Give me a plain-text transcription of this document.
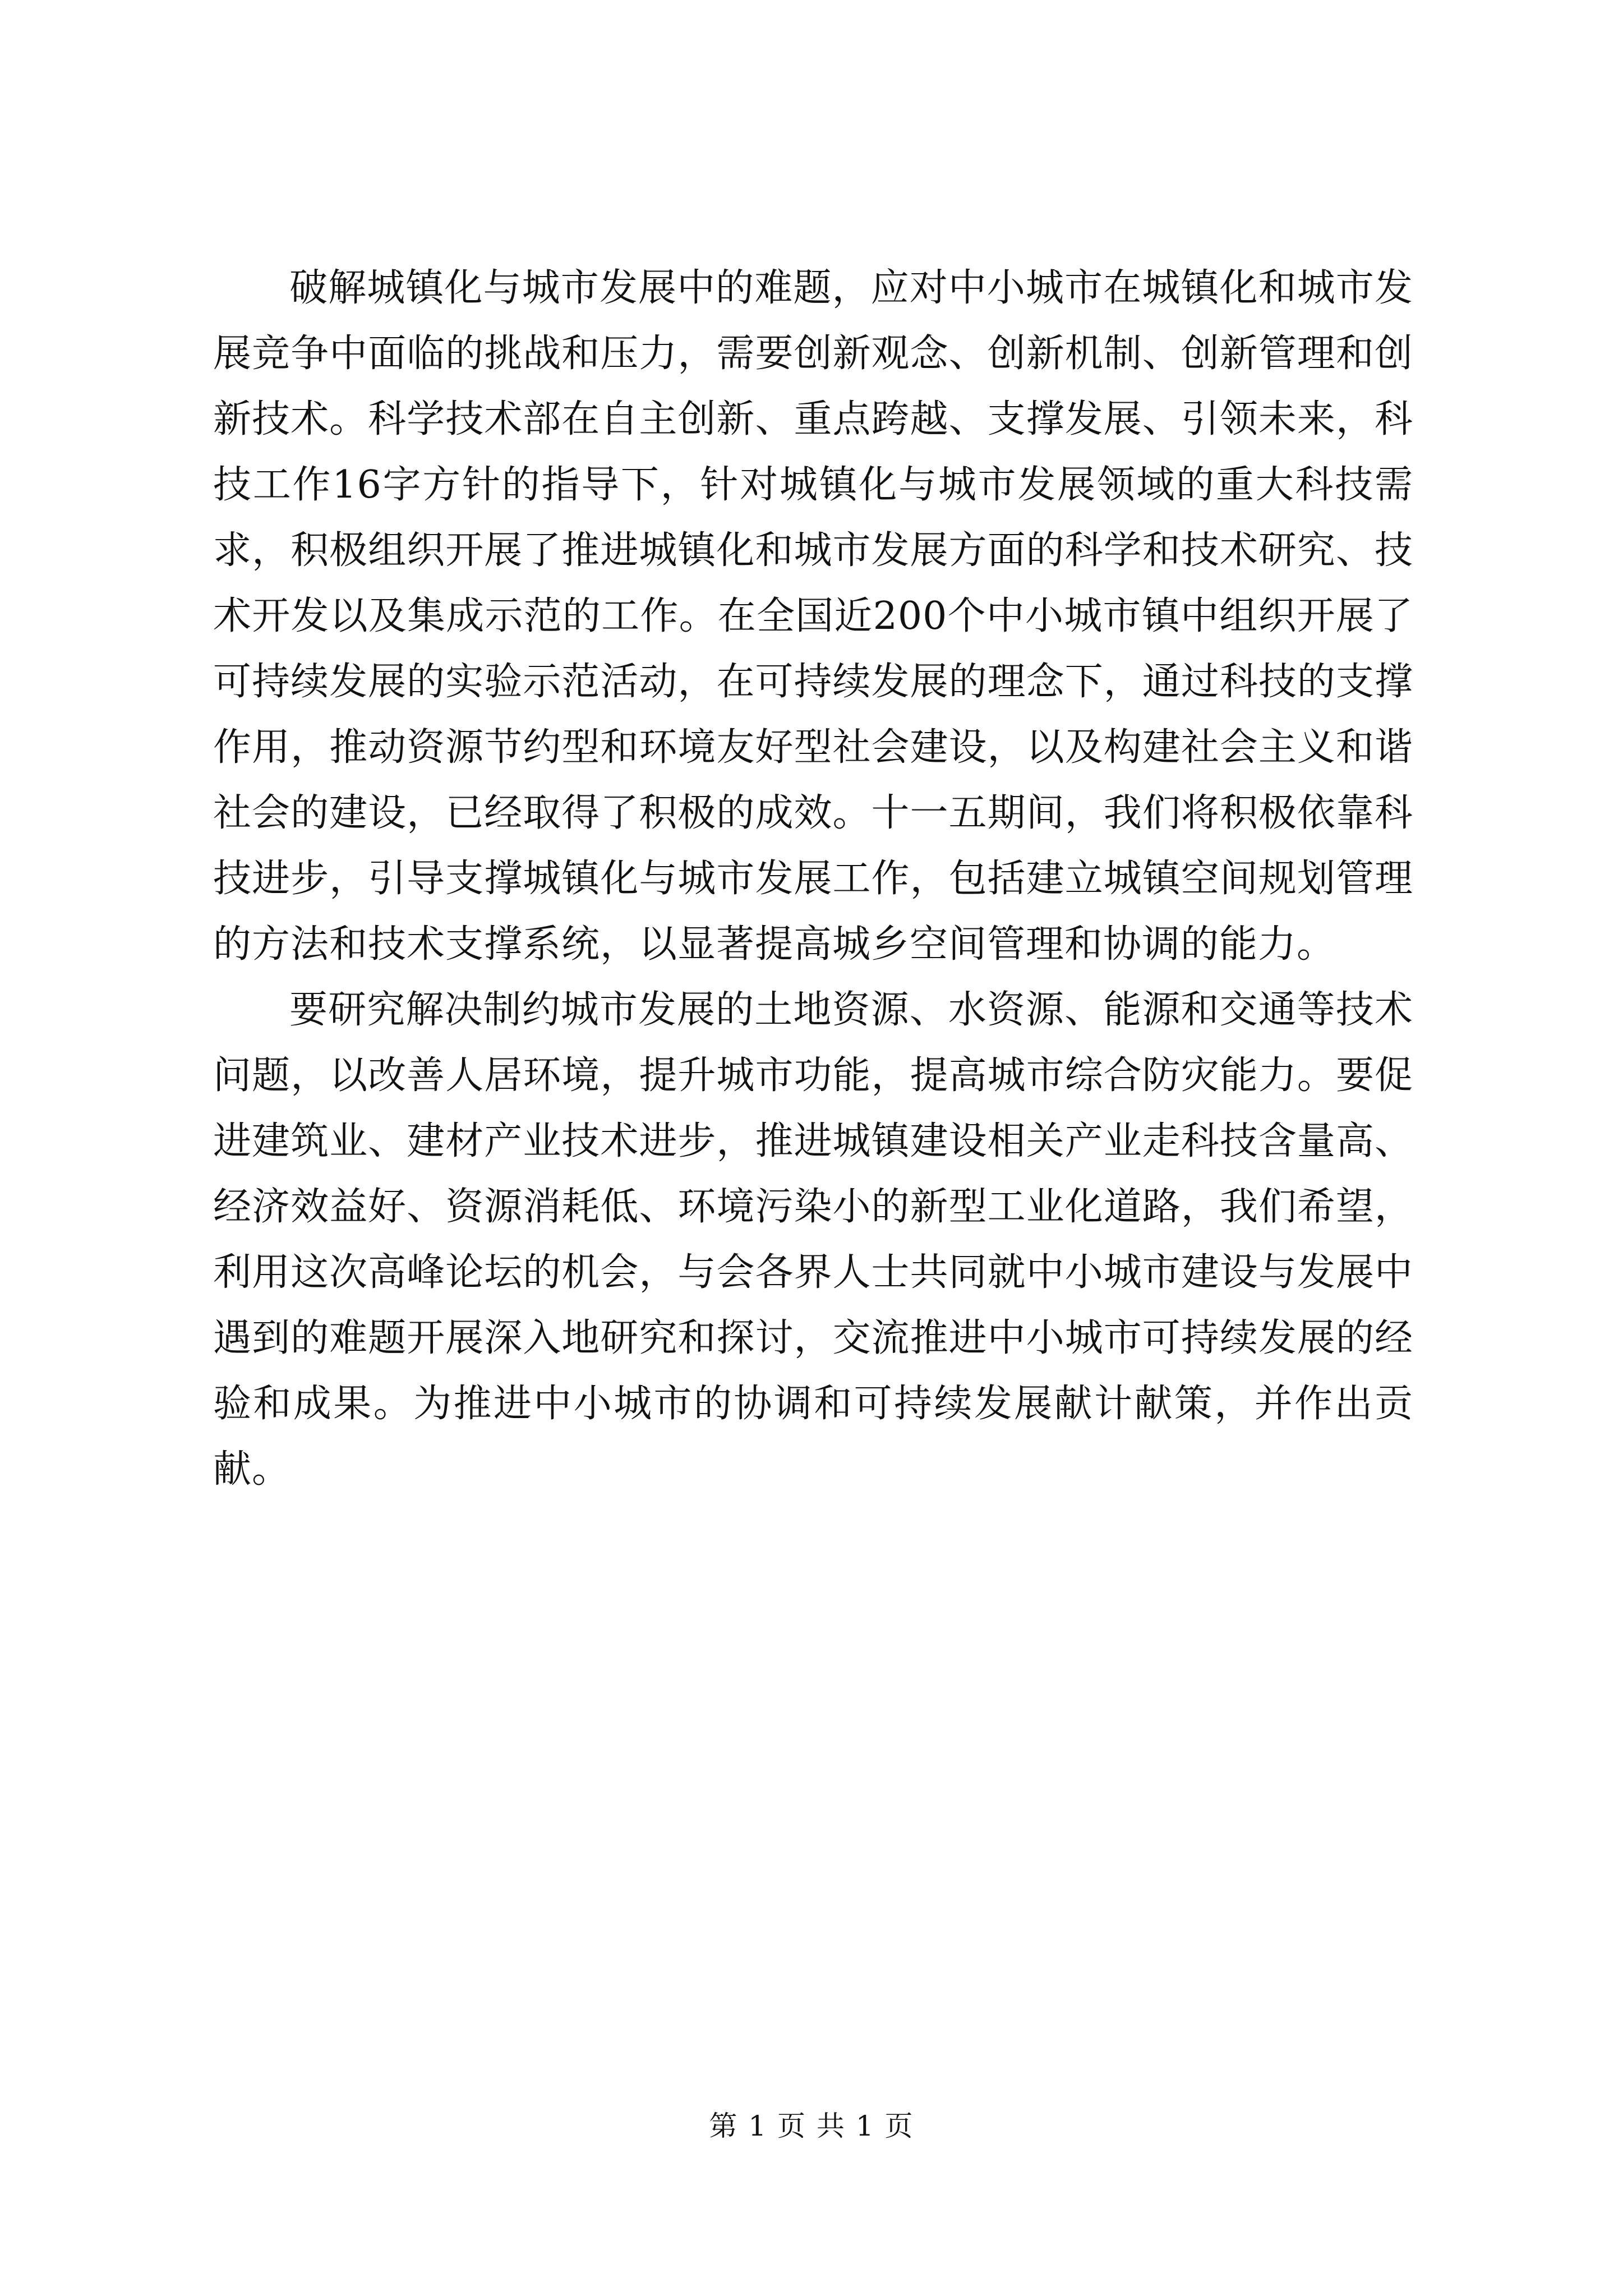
破解城镇化与城市发展中的难题，应对中小城市在城镇化和城市发展竞争中面临的挑战和压力，需要创新观念、创新机制、创新管理和创新技术。科学技术部在自主创新、重点跨越、支撑发展、引领未来，科技工作16字方针的指导下，针对城镇化与城市发展领域的重大科技需求，积极组织开展了推进城镇化和城市发展方面的科学和技术研究、技术开发以及集成示范的工作。在全国近200个中小城市镇中组织开展了可持续发展的实验示范活动，在可持续发展的理念下，通过科技的支撑作用，推动资源节约型和环境友好型社会建设，以及构建社会主义和谐社会的建设，已经取得了积极的成效。十一五期间，我们将积极依靠科技进步，引导支撑城镇化与城市发展工作，包括建立城镇空间规划管理的方法和技术支撑系统，以显著提高城乡空间管理和协调的能力。

要研究解决制约城市发展的土地资源、水资源、能源和交通等技术问题，以改善人居环境，提升城市功能，提高城市综合防灾能力。要促进建筑业、建材产业技术进步，推进城镇建设相关产业走科技含量高、经济效益好、资源消耗低、环境污染小的新型工业化道路，我们希望，利用这次高峰论坛的机会，与会各界人士共同就中小城市建设与发展中遇到的难题开展深入地研究和探讨，交流推进中小城市可持续发展的经验和成果。为推进中小城市的协调和可持续发展献计献策，并作出贡献。

第 1 页 共 1 页
